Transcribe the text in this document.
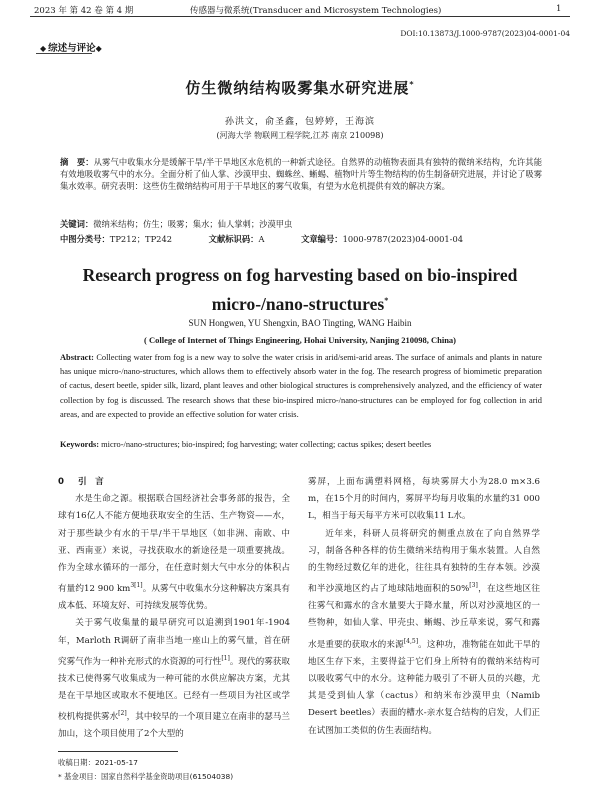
2023 年 第 42 卷 第 4 期	传感器与微系统(Transducer and Microsystem Technologies)	1
DOI:10.13873/J.1000-9787(2023)04-0001-04
◆ 综述与评论◆
仿生微纳结构吸雾集水研究进展*
孙洪文，俞圣鑫，包婷婷，王海滨
(河海大学 物联网工程学院,江苏 南京 210098)
摘　要：从雾气中收集水分是缓解干旱/半干旱地区水危机的一种新式途径。自然界的动植物表面具有独特的微纳米结构，允许其能有效地吸收雾气中的水分。全面分析了仙人掌、沙漠甲虫、蜘蛛丝、蜥蜴、植物叶片等生物结构的仿生制备研究进展，并讨论了吸雾集水效率。研究表明：这些仿生微纳结构可用于干旱地区的雾气收集，有望为水危机提供有效的解决方案。
关键词：微纳米结构；仿生；吸雾；集水；仙人掌刺；沙漠甲虫
中图分类号：TP212；TP242	文献标识码：A	文章编号：1000-9787(2023)04-0001-04
Research progress on fog harvesting based on bio-inspired
micro-/nano-structures*
SUN Hongwen, YU Shengxin, BAO Tingting, WANG Haibin
( College of Internet of Things Engineering, Hohai University, Nanjing 210098, China)
Abstract: Collecting water from fog is a new way to solve the water crisis in arid/semi-arid areas. The surface of animals and plants in nature has unique micro-/nano-structures, which allows them to effectively absorb water in the fog. The research progress of biomimetic preparation of cactus, desert beetle, spider silk, lizard, plant leaves and other biological structures is comprehensively analyzed, and the efficiency of water collection by fog is discussed. The research shows that these bio-inspired micro-/nano-structures can be employed for fog collection in arid areas, and are expected to provide an effective solution for water crisis.
Keywords: micro-/nano-structures; bio-inspired; fog harvesting; water collecting; cactus spikes; desert beetles
0 引　言

水是生命之源。根据联合国经济社会事务部的报告，全球有16亿人不能方便地获取安全的生活、生产物资——水，对于那些缺少有水的干旱/半干旱地区（如非洲、南欧、中亚、西南亚）来说，寻找获取水的新途径是一项重要挑战。作为全球水循环的一部分，在任意时刻大气中水分的体积占有量约12 900 $km^{3[1]}$。从雾气中收集水分这种解决方案具有成本低、环境友好、可持续发展等优势。

关于雾气收集量的最早研究可以追溯到1901年-1904年，Marloth R调研了南非当地一座山上的雾气量，首在研究雾气作为一种补充形式的水资源的可行性[1]。现代的雾获取技术已使得雾气收集成为一种可能的水供应解决方案，尤其是在干旱地区或取水不便地区。已经有一些项目为社区或学校机构提供雾水[2]，其中较早的一个项目建立在南非的瑟马兰加山，这个项目使用了2个大型的

雾屏，上面布满塑料网格，每块雾屏大小为28.0 m×3.6 m，在15个月的时间内，雾屏平均每月收集的水量约31 000 L，相当于每天每平方米可以收集11 L水。

近年来，科研人员将研究的侧重点放在了向自然界学习，制备各种各样的仿生微纳米结构用于集水装置。人自然的生物经过数亿年的进化，往往具有独特的生存本领。沙漠和半沙漠地区约占了地球陆地面积的50%[3]，在这些地区往往雾气和露水的含水量要大于降水量，所以对沙漠地区的一些物种，如仙人掌、甲壳虫、蜥蜴、沙丘草来说，雾气和露水是重要的获取水的来源[4,5]。这种功，准物能在如此干旱的地区生存下来，主要得益于它们身上所特有的微纳米结构可以吸收雾气中的水分。这种能力吸引了不研人员的兴趣，尤其是受到仙人掌（cactus）和纳米布沙漠甲虫（Namib Desert beetles）表面的槽水-亲水复合结构的启发，人们正在试图加工类似的仿生表面结构。

收稿日期：2021-05-17
* 基金项目：国家自然科学基金资助项目(61504038)
